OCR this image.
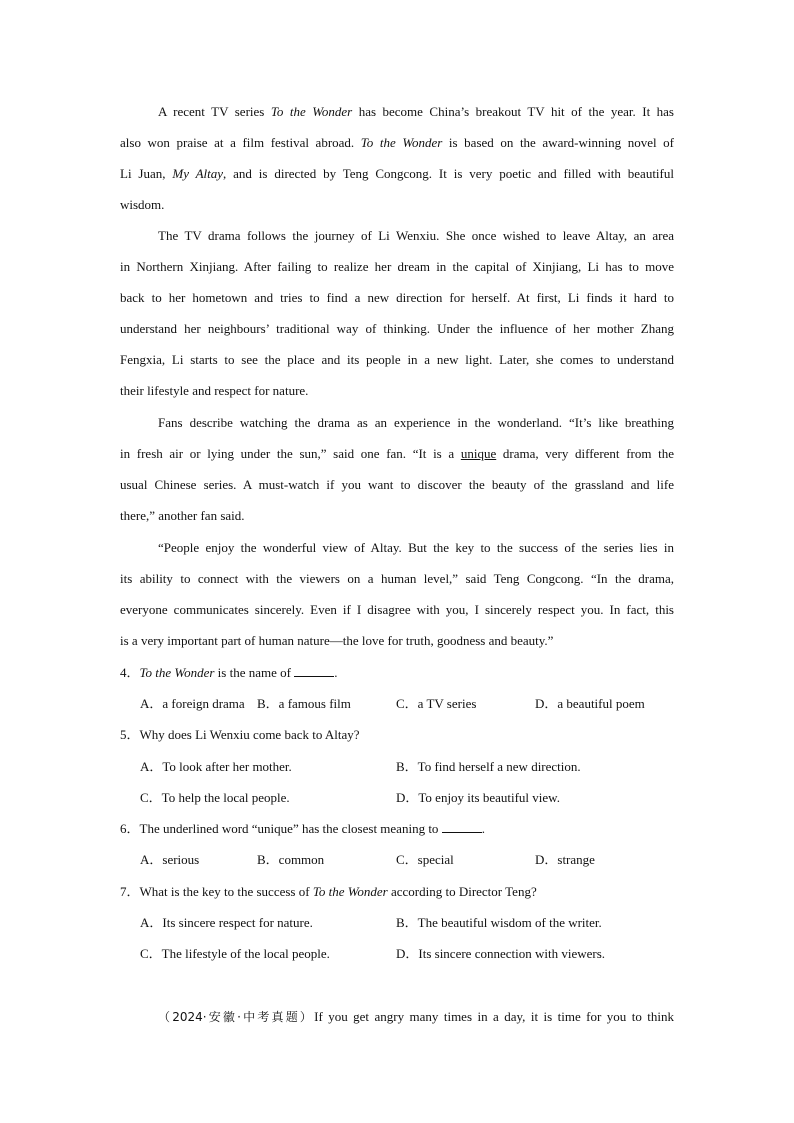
A recent TV series To the Wonder has become China’s breakout TV hit of the year. It has
also won praise at a film festival abroad. To the Wonder is based on the award-winning novel of
Li Juan, My Altay, and is directed by Teng Congcong. It is very poetic and filled with beautiful
wisdom.
The TV drama follows the journey of Li Wenxiu. She once wished to leave Altay, an area
in Northern Xinjiang. After failing to realize her dream in the capital of Xinjiang, Li has to move
back to her hometown and tries to find a new direction for herself. At first, Li finds it hard to
understand her neighbours’ traditional way of thinking. Under the influence of her mother Zhang
Fengxia, Li starts to see the place and its people in a new light. Later, she comes to understand
their lifestyle and respect for nature.
Fans describe watching the drama as an experience in the wonderland. “It’s like breathing
in fresh air or lying under the sun,” said one fan. “It is a unique drama, very different from the
usual Chinese series. A must-watch if you want to discover the beauty of the grassland and life
there,” another fan said.
“People enjoy the wonderful view of Altay. But the key to the success of the series lies in
its ability to connect with the viewers on a human level,” said Teng Congcong. “In the drama,
everyone communicates sincerely. Even if I disagree with you, I sincerely respect you. In fact, this
is a very important part of human nature—the love for truth, goodness and beauty.”
4．To the Wonder is the name of	.
A．a foreign drama B．a famous film	C．a TV series	D．a beautiful poem
5．Why does Li Wenxiu come back to Altay?
A．To look after her mother.	B．To find herself a new direction.
C．To help the local people.	D．To enjoy its beautiful view.
6．The underlined word “unique” has the closest meaning to	.
A．serious	B．common	C．special	D．strange
7．What is the key to the success of To the Wonder according to Director Teng?
A．Its sincere respect for nature.	B．The beautiful wisdom of the writer.
C．The lifestyle of the local people.	D．Its sincere connection with viewers.
（2024·安徽·中考真题）If you get angry many times in a day, it is time for you to think
